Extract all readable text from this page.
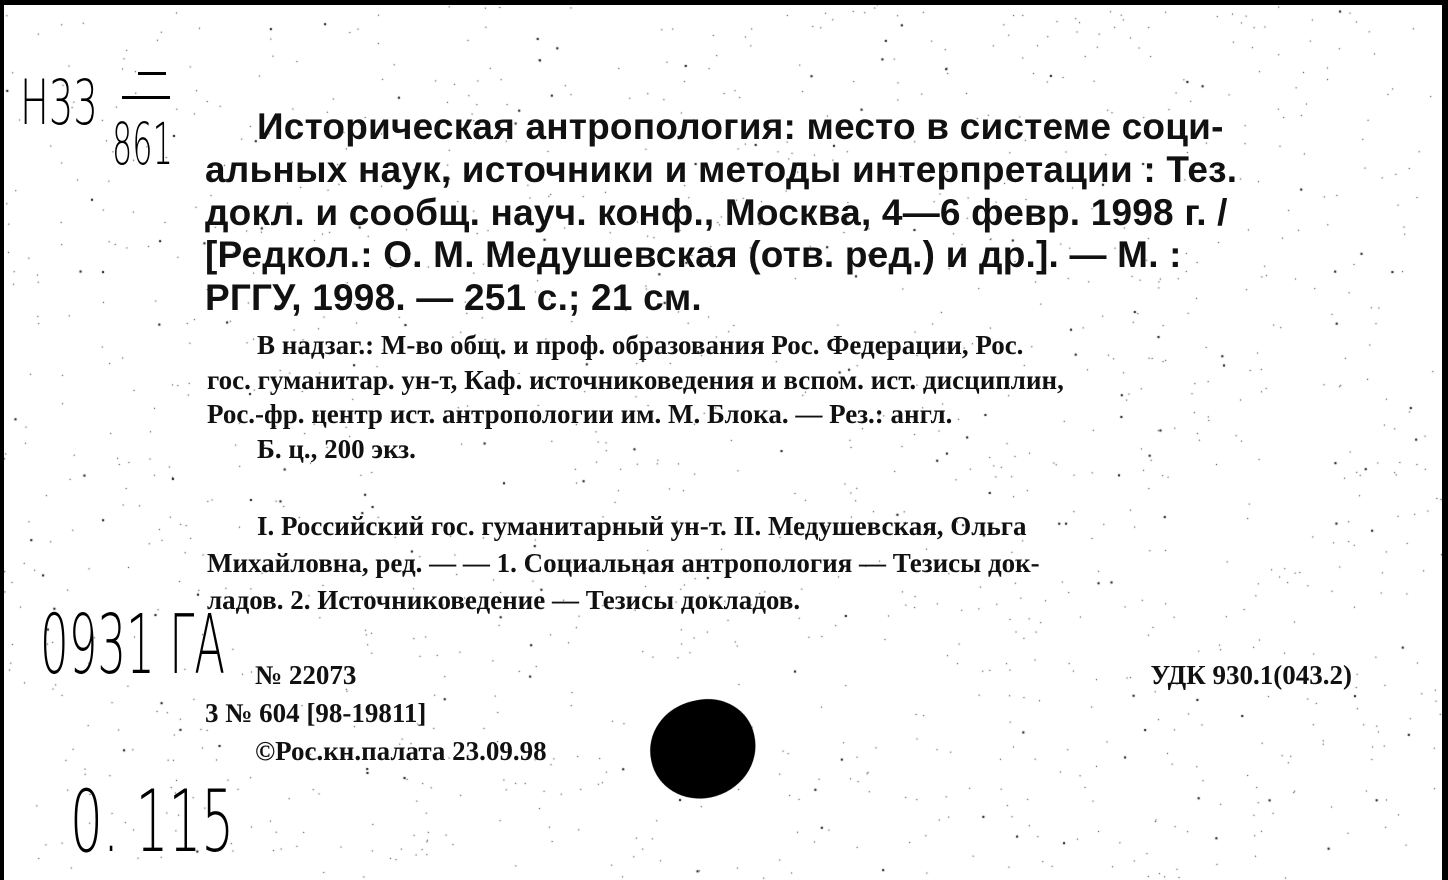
Н33
861	Историческая антропология: место в системе соци-
альных наук, источники и методы интерпретации : Тез.
докл. и сообщ. науч. конф., Москва, 4—6 февр. 1998 г. /
[Редкол.: О. М. Медушевская (отв. ред.) и др.]. — М. :
РГГУ, 1998. — 251 с.; 21 см.
В надзаг.: М-во общ. и проф. образования Рос. Федерации, Рос.
гос. гуманитар. ун-т, Каф. источниковедения и вспом. ист. дисциплин,
Рос.-фр. центр ист. антропологии им. М. Блока. — Рез.: англ.
Б. ц., 200 экз.
I. Российский гос. гуманитарный ун-т. II. Медушевская, Ольга
Михайловна, ред. — — 1. Социальная антропология — Тезисы док-
ладов. 2. Источниковедение — Тезисы докладов.
0931 ГА	№ 22073
3 № 604 [98-19811]
©Рос.кн.палата 23.09.98
УДК 930.1(043.2)
0. 115
